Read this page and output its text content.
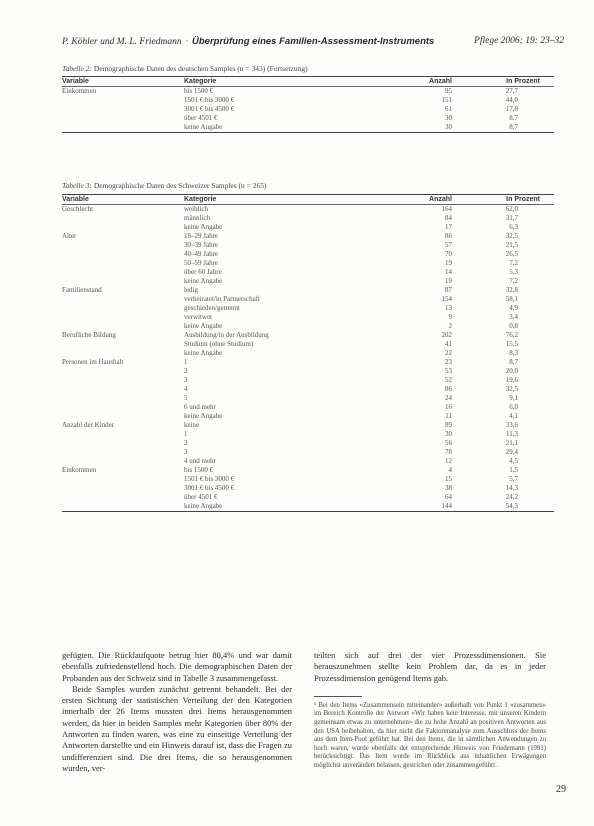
P. Köhler und M. L. Friedmann · Überprüfung eines Familien-Assessment-Instruments	Pflege 2006; 19: 23–32
Tabelle 2: Demographische Daten des deutschen Samples (n = 343) (Fortsetzung)
Variable	Kategorie	Anzahl	In Prozent
Einkommen	bis 1500 €	95	27,7
	1501 € bis 3000 €	151	44,0
	3001 € bis 4500 €	61	17,8
	über 4501 €	30	8,7
	keine Angabe	30	8,7
Tabelle 3: Demographische Daten des Schweizer Samples (n = 265)
Variable	Kategorie	Anzahl	In Prozent
Geschlecht	weiblich	164	62,0
	männlich	84	31,7
	keine Angabe	17	6,3
Alter	18–29 Jahre	86	32,5
	30–39 Jahre	57	21,5
	40–49 Jahre	70	26,5
	50–59 Jahre	19	7,2
	über 60 Jahre	14	5,3
	keine Angabe	19	7,2
Familienstand	ledig	87	32,8
	verheiratet/in Partnerschaft	154	58,1
	geschieden/getrennt	13	4,9
	verwitwet	9	3,4
	keine Angabe	2	0,8
Berufliche Bildung	Ausbildung/in der Ausbildung	202	76,2
	Studium (ohne Studium)	41	15,5
	keine Angabe	22	8,3
Personen im Haushalt	1	23	8,7
	2	53	20,0
	3	52	19,6
	4	86	32,5
	5	24	9,1
	6 und mehr	16	6,0
	keine Angabe	11	4,1
Anzahl der Kinder	keine	89	33,6
	1	30	11,3
	2	56	21,1
	3	78	29,4
	4 und mehr	12	4,5
Einkommen	bis 1500 €	4	1,5
	1501 € bis 3000 €	15	5,7
	3001 € bis 4500 €	38	14,3
	über 4501 €	64	24,2
	keine Angabe	144	54,3

gefügten. Die Rücklaufquote betrug hier 80,4% und war damit ebenfalls zufriedenstellend hoch. Die demographischen Daten der Probanden aus der Schweiz sind in Tabelle 3 zusammengefasst.

Beide Samples wurden zunächst getrennt behandelt. Bei der ersten Sichtung der statistischen Verteilung der den Kategorien innerhalb der 26 Items mussten drei Items herausgenommen werden, da hier in beiden Samples mehr Kategorien über 80% der Antworten zu finden waren, was eine zu einseitige Verteilung der Antworten darstellte und ein Hinweis darauf ist, dass die Fragen zu undifferenziert sind. Die drei Items, die so herausgenommen wurden, ver-

teilten sich auf drei der vier Prozessdimensionen. Sie herauszunehmen stellte kein Problem dar, da es in jeder Prozessdimension genügend Items gab.

¹ Bei den Items «Zusammensein miteinander» außerhalb von Punkt 1 «zusammen» im Bereich Kontrolle der Antwort «Wir haben kein Interesse, mit unseren Kindern gemeinsam etwas zu unternehmen» die zu hohe Anzahl an positiven Antworten aus den USA beibehalten, da hier nicht die Faktorenanalyse zum Ausschluss der Items aus dem Item-Pool geführt hat. Bei den Items, die in sämtlichen Anwendungen zu hoch waren, wurde ebenfalls der entsprechende Hinweis von Friedemann (1991) berücksichtigt. Das Item wurde im Rückblick aus inhaltlichen Erwägungen möglichst unverändert belassen, gestrichen oder zusammengeführt.

29
